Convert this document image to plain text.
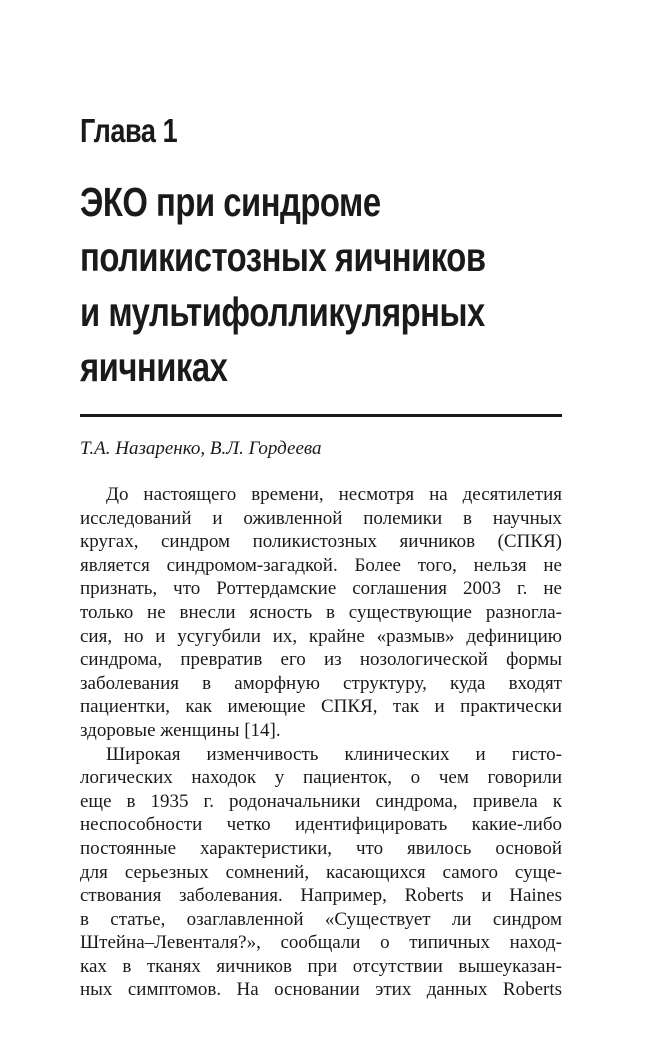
Глава 1
ЭКО при синдроме
поликистозных яичников
и мультифолликулярных
яичниках
Т.А. Назаренко, В.Л. Гордеева
До настоящего времени, несмотря на десятилетия
исследований и оживленной полемики в научных
кругах, синдром поликистозных яичников (СПКЯ)
является синдромом-загадкой. Более того, нельзя не
признать, что Роттердамские соглашения 2003 г. не
только не внесли ясность в существующие разногла-
сия, но и усугубили их, крайне «размыв» дефиницию
синдрома, превратив его из нозологической формы
заболевания в аморфную структуру, куда входят
пациентки, как имеющие СПКЯ, так и практически
здоровые женщины [14].
Широкая изменчивость клинических и гисто-
логических находок у пациенток, о чем говорили
еще в 1935 г. родоначальники синдрома, привела к
неспособности четко идентифицировать какие-либо
постоянные характеристики, что явилось основой
для серьезных сомнений, касающихся самого суще-
ствования заболевания. Например, Roberts и Haines
в статье, озаглавленной «Существует ли синдром
Штейна–Левенталя?», сообщали о типичных наход-
ках в тканях яичников при отсутствии вышеуказан-
ных симптомов. На основании этих данных Roberts
